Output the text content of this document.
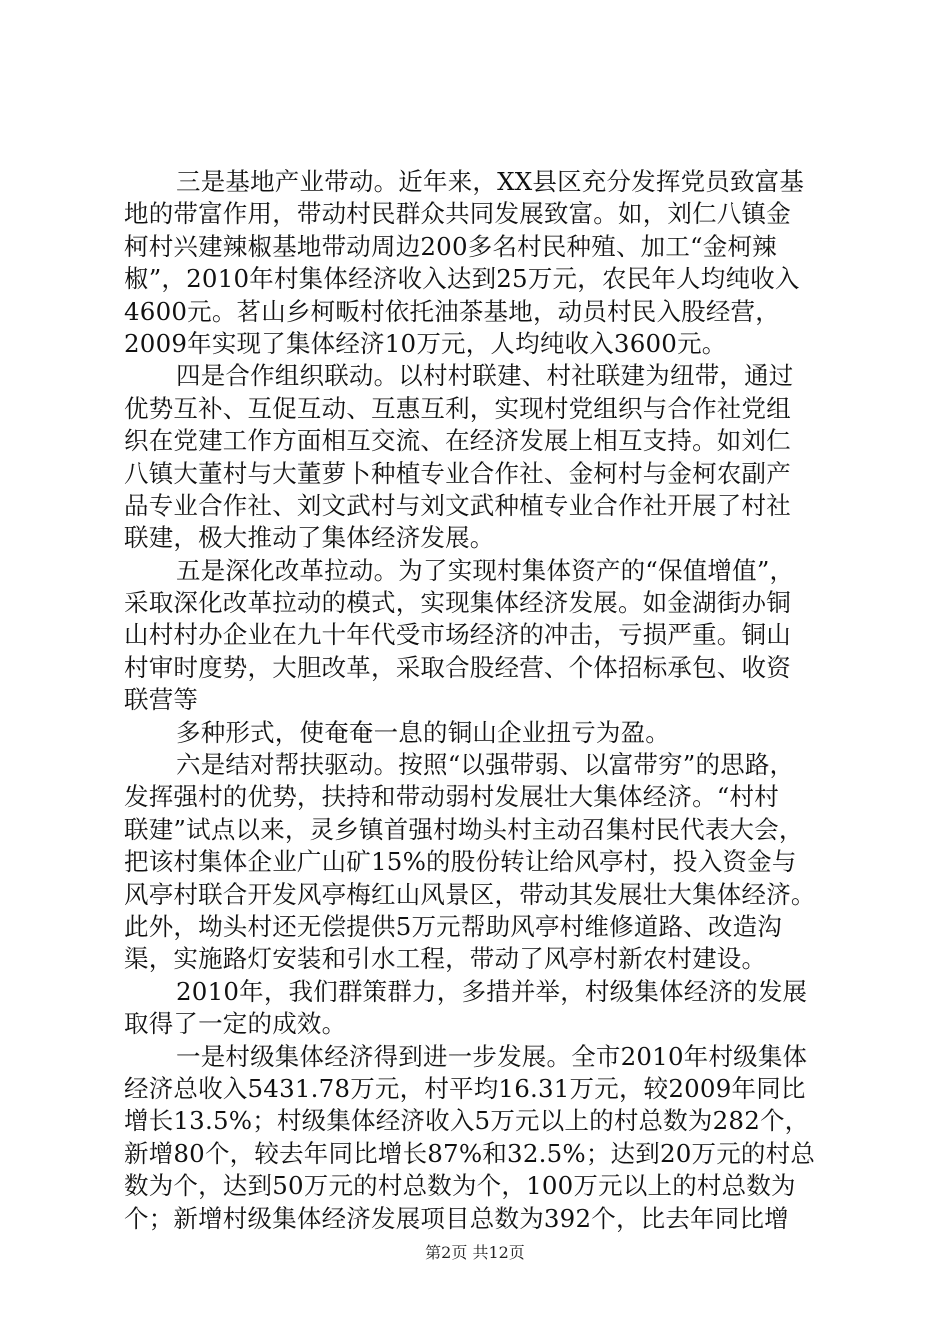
三是基地产业带动。近年来，XX县区充分发挥党员致富基
地的带富作用，带动村民群众共同发展致富。如，刘仁八镇金
柯村兴建辣椒基地带动周边200多名村民种殖、加工“金柯辣
椒”，2010年村集体经济收入达到25万元，农民年人均纯收入
4600元。茗山乡柯畈村依托油茶基地，动员村民入股经营，
2009年实现了集体经济10万元，人均纯收入3600元。
四是合作组织联动。以村村联建、村社联建为纽带，通过
优势互补、互促互动、互惠互利，实现村党组织与合作社党组
织在党建工作方面相互交流、在经济发展上相互支持。如刘仁
八镇大董村与大董萝卜种植专业合作社、金柯村与金柯农副产
品专业合作社、刘文武村与刘文武种植专业合作社开展了村社
联建，极大推动了集体经济发展。
五是深化改革拉动。为了实现村集体资产的“保值增值”，
采取深化改革拉动的模式，实现集体经济发展。如金湖街办铜
山村村办企业在九十年代受市场经济的冲击，亏损严重。铜山
村审时度势，大胆改革，采取合股经营、个体招标承包、收资
联营等
多种形式，使奄奄一息的铜山企业扭亏为盈。
六是结对帮扶驱动。按照“以强带弱、以富带穷”的思路，
发挥强村的优势，扶持和带动弱村发展壮大集体经济。“村村
联建”试点以来，灵乡镇首强村坳头村主动召集村民代表大会，
把该村集体企业广山矿15%的股份转让给风亭村，投入资金与
风亭村联合开发风亭梅红山风景区，带动其发展壮大集体经济。
此外，坳头村还无偿提供5万元帮助风亭村维修道路、改造沟
渠，实施路灯安装和引水工程，带动了风亭村新农村建设。
2010年，我们群策群力，多措并举，村级集体经济的发展
取得了一定的成效。
一是村级集体经济得到进一步发展。全市2010年村级集体
经济总收入5431.78万元，村平均16.31万元，较2009年同比
增长13.5%；村级集体经济收入5万元以上的村总数为282个，
新增80个，较去年同比增长87%和32.5%；达到20万元的村总
数为个，达到50万元的村总数为个，100万元以上的村总数为
个；新增村级集体经济发展项目总数为392个，比去年同比增
第2页 共12页
